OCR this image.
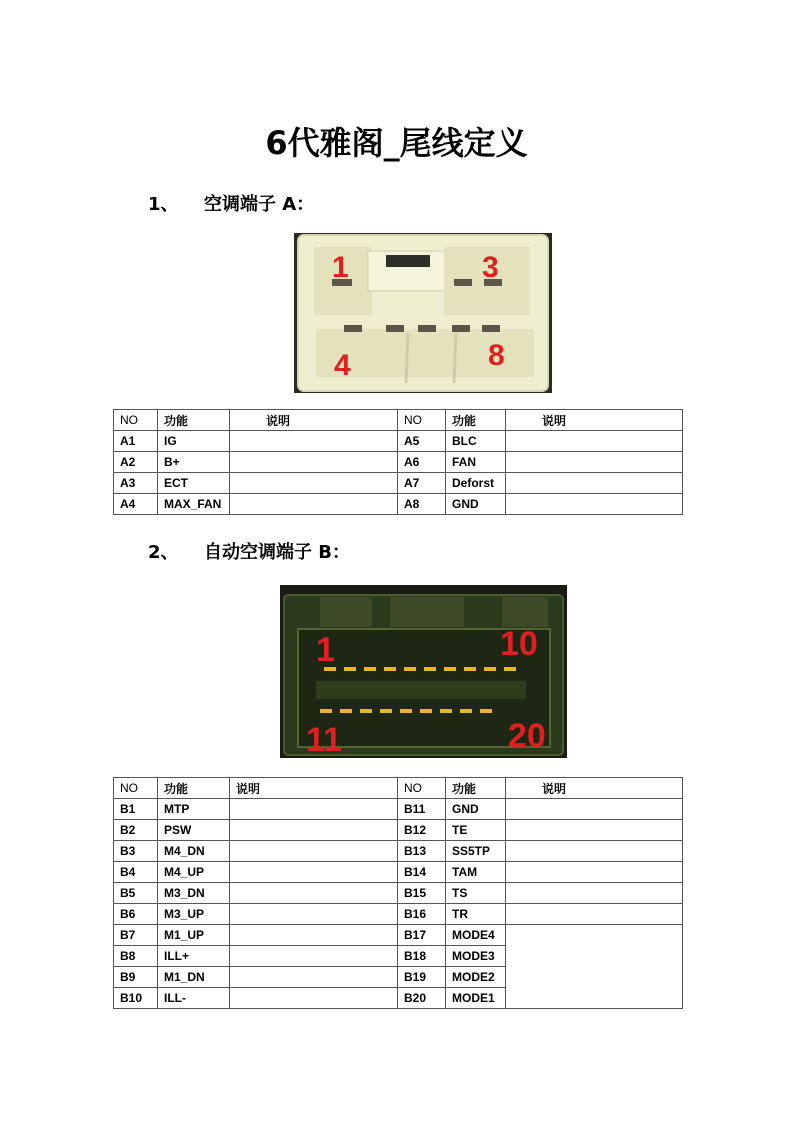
6代雅阁_尾线定义
1、 空调端子 A：
1	3
4	8
NO	功能	说明	NO	功能	说明
A1	IG		A5	BLC	
A2	B+		A6	FAN	
A3	ECT		A7	Deforst	
A4	MAX_FAN		A8	GND	
2、 自动空调端子 B：
1	10
11	20
NO	功能	说明	NO	功能	说明
B1	MTP		B11	GND	
B2	PSW		B12	TE	
B3	M4_DN		B13	SS5TP	
B4	M4_UP		B14	TAM	
B5	M3_DN		B15	TS	
B6	M3_UP		B16	TR	
B7	M1_UP		B17	MODE4	
B8	ILL+		B18	MODE3	
B9	M1_DN		B19	MODE2	
B10	ILL-		B20	MODE1	
